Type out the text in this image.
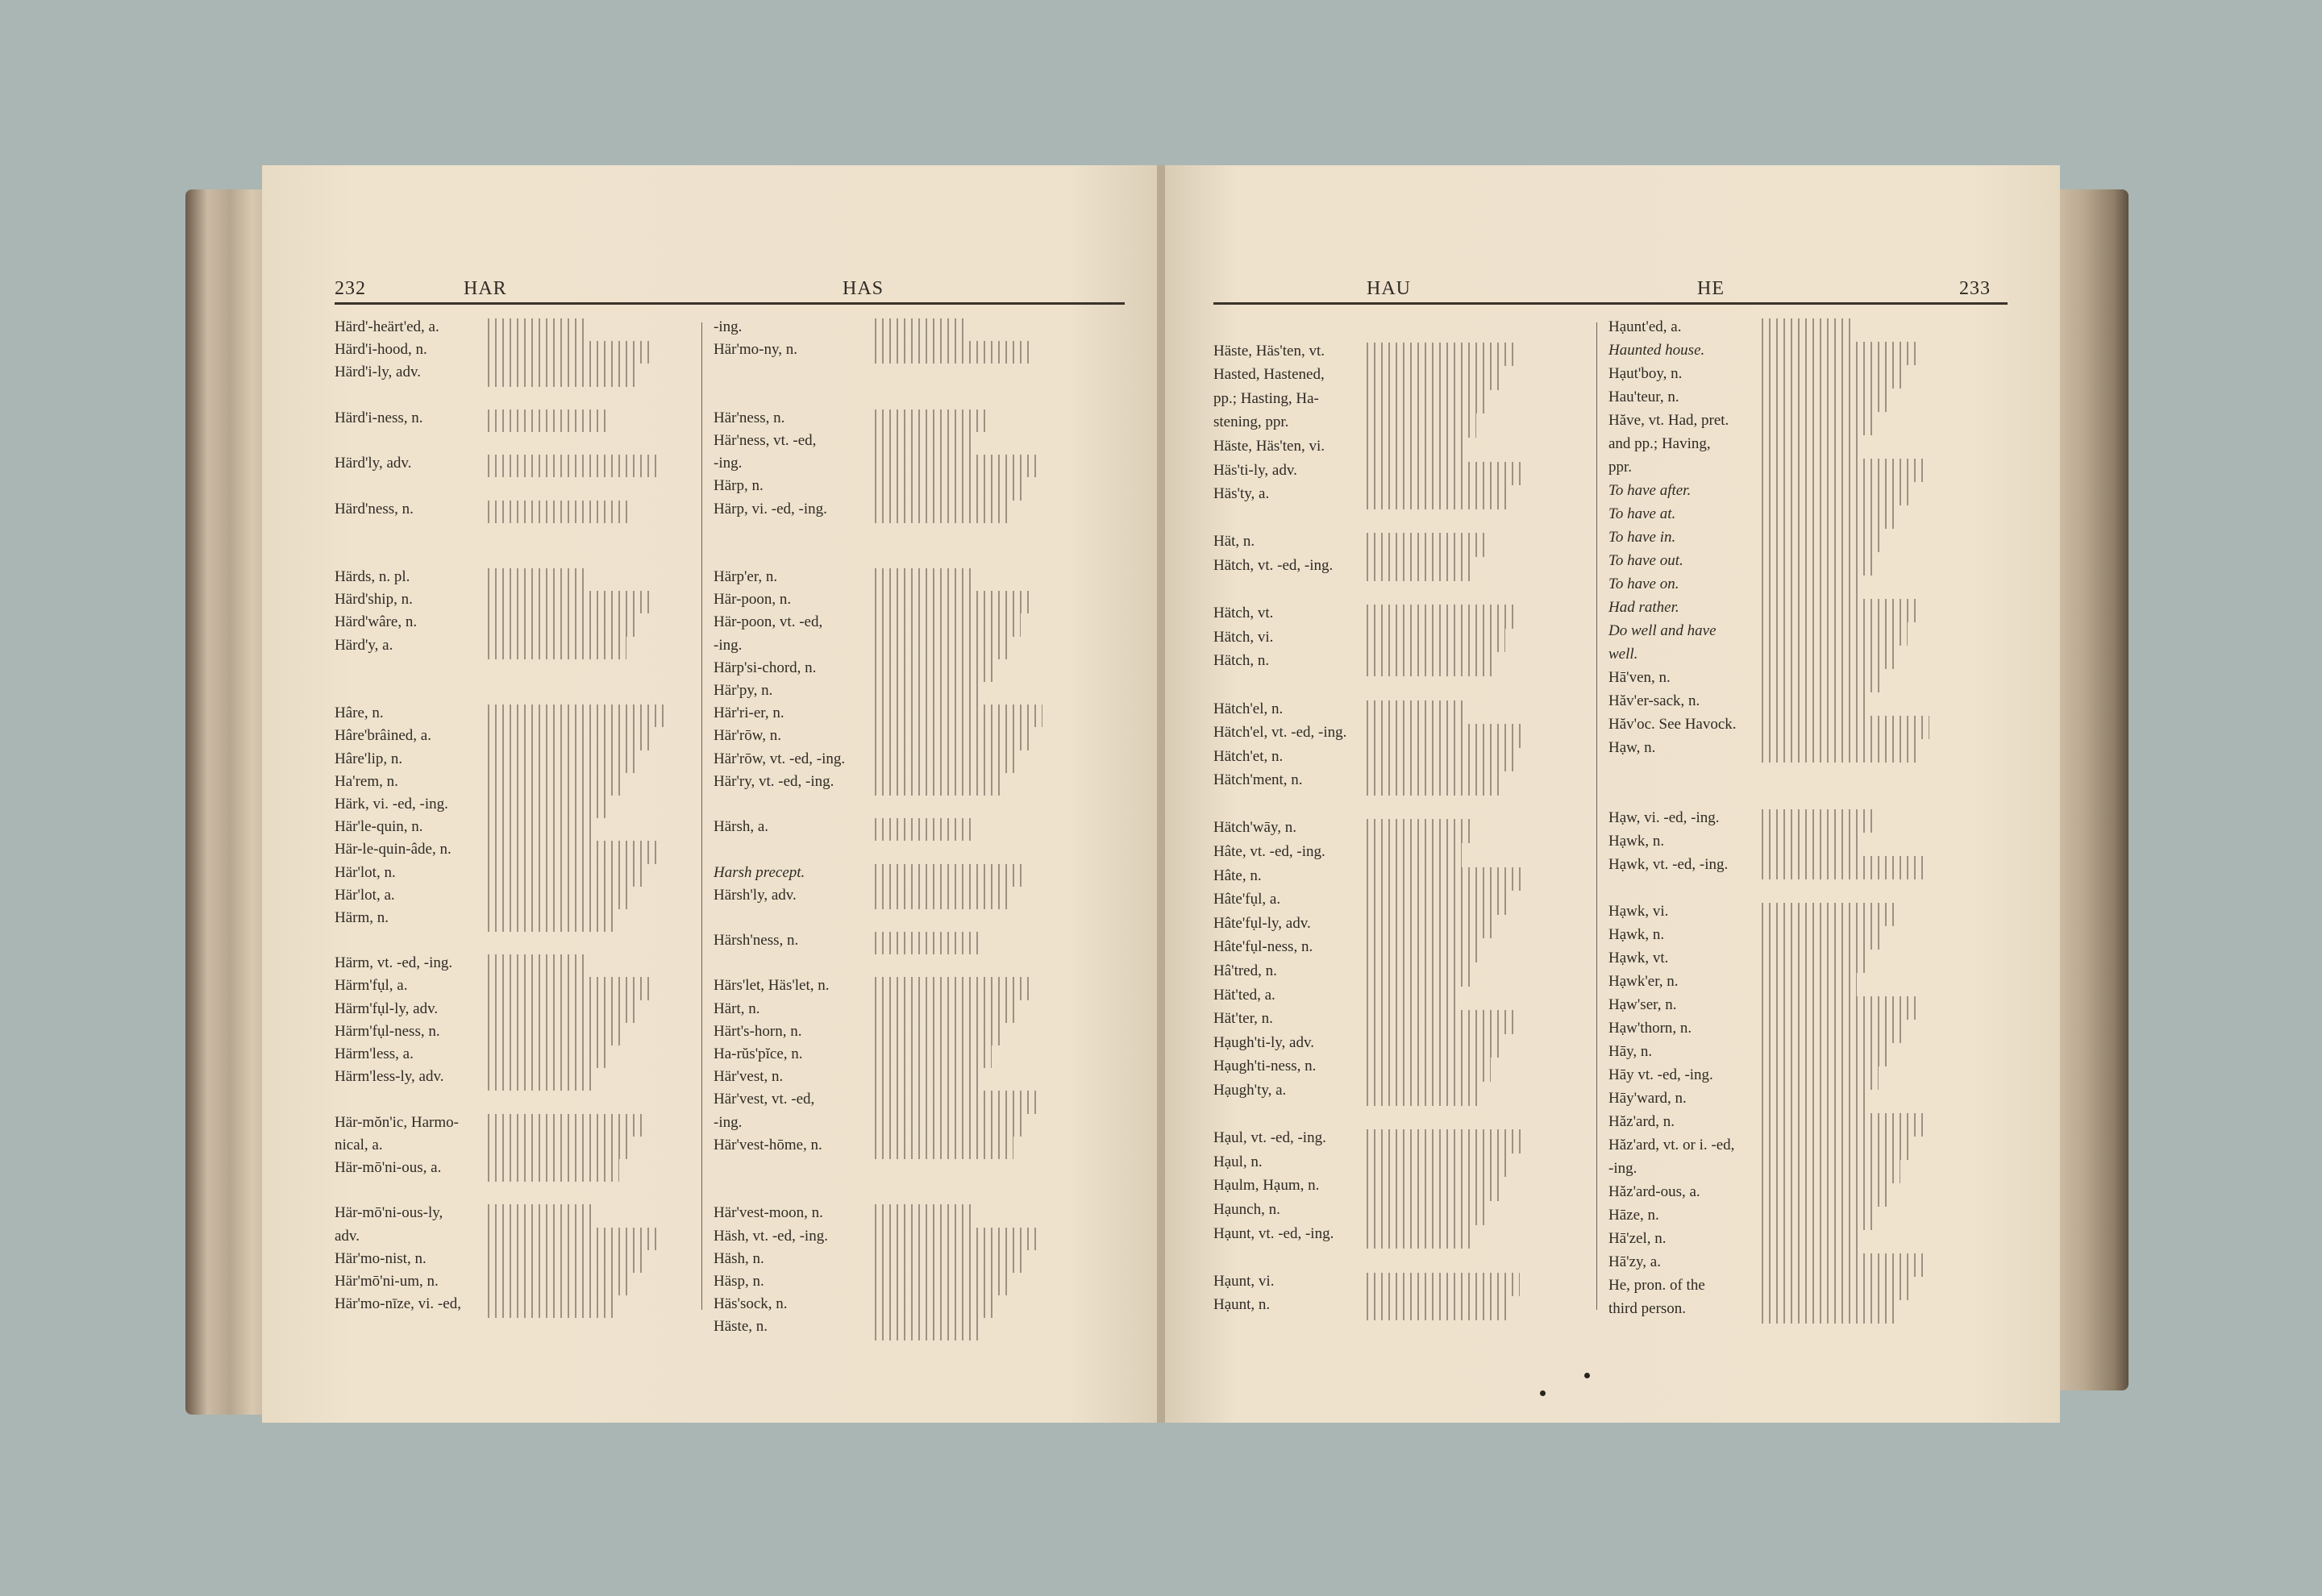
232	HAR	HAS
Härd'-heärt'ed, a.
Härd'i-hood, n.
Härd'i-ly, adv.
Härd'i-ness, n.
Härd'ly, adv.
Härd'ness, n.
Härds, n. pl.
Härd'ship, n.
Härd'wâre, n.
Härd'y, a.
Hâre, n.
Hâre'brâined, a.
Hâre'lip, n.
Ha'rem, n.
Härk, vi. -ed, -ing.
Här'le-quin, n.
Här-le-quin-âde, n.
Här'lot, n.
Här'lot, a.
Härm, n.
Härm, vt. -ed, -ing.
Härm'fụl, a.
Härm'fụl-ly, adv.
Härm'fụl-ness, n.
Härm'less, a.
Härm'less-ly, adv.
Här-mŏn'ic, Harmo-
nical, a.
Här-mō'ni-ous, a.
Här-mō'ni-ous-ly,
adv.
Här'mo-nist, n.
Här'mō'ni-um, n.
Här'mo-nīze, vi. -ed,
-ing.
Här'mo-ny, n.
Här'ness, n.
Här'ness, vt. -ed,
-ing.
Härp, n.
Härp, vi. -ed, -ing.
Härp'er, n.
Här-poon, n.
Här-poon, vt. -ed,
-ing.
Härp'si-chord, n.
Här'py, n.
Här'ri-er, n.
Här'rōw, n.
Här'rōw, vt. -ed, -ing.
Här'ry, vt. -ed, -ing.
Härsh, a.
Harsh precept.
Härsh'ly, adv.
Härsh'ness, n.
Härs'let, Häs'let, n.
Härt, n.
Härt's-horn, n.
Ha-rŭs'pĭce, n.
Här'vest, n.
Här'vest, vt. -ed,
-ing.
Här'vest-hōme, n.
Här'vest-moon, n.
Häsh, vt. -ed, -ing.
Häsh, n.
Häsp, n.
Häs'sock, n.
Häste, n.
HAU	HE	233
Häste, Häs'ten, vt.
Hasted, Hastened,
pp.; Hasting, Ha-
stening, ppr.
Häste, Häs'ten, vi.
Häs'ti-ly, adv.
Häs'ty, a.
Hät, n.
Hätch, vt. -ed, -ing.
Hätch, vt.
Hätch, vi.
Hätch, n.
Hätch'el, n.
Hätch'el, vt. -ed, -ing.
Hätch'et, n.
Hätch'ment, n.
Hätch'wāy, n.
Hâte, vt. -ed, -ing.
Hâte, n.
Hâte'fụl, a.
Hâte'fụl-ly, adv.
Hâte'fụl-ness, n.
Hâ'tred, n.
Hät'ted, a.
Hät'ter, n.
Hạugh'ti-ly, adv.
Hạugh'ti-ness, n.
Hạugh'ty, a.
Hạul, vt. -ed, -ing.
Hạul, n.
Hạulm, Hạum, n.
Hạunch, n.
Hạunt, vt. -ed, -ing.
Hạunt, vi.
Hạunt, n.
Hạunt'ed, a.
Haunted house.
Hạut'boy, n.
Hau'teur, n.
Hăve, vt. Had, pret.
and pp.; Having,
ppr.
To have after.
To have at.
To have in.
To have out.
To have on.
Had rather.
Do well and have
well.
Hā'ven, n.
Hăv'er-sack, n.
Hăv'oc. See Havock.
Hạw, n.
Hạw, vi. -ed, -ing.
Hạwk, n.
Hạwk, vt. -ed, -ing.
Hạwk, vi.
Hạwk, n.
Hạwk, vt.
Hạwk'er, n.
Hạw'ser, n.
Hạw'thorn, n.
Hāy, n.
Hāy vt. -ed, -ing.
Hāy'ward, n.
Hăz'ard, n.
Hăz'ard, vt. or i. -ed,
-ing.
Hăz'ard-ous, a.
Hāze, n.
Hā'zel, n.
Hā'zy, a.
He, pron. of the
third person.
